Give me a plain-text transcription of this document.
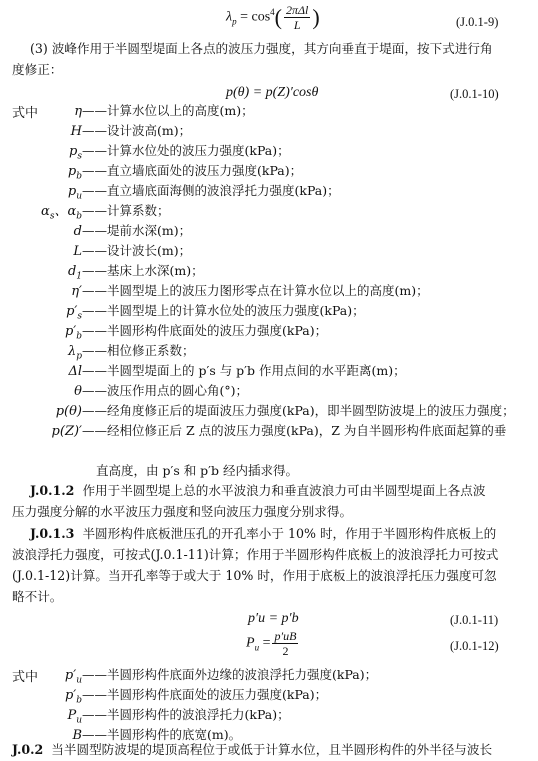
$\lambda_p = \cos^4( \frac{\text{2πΔl}}{L}$ )	(J.0.1-9)
(3) 波峰作用于半圆型堤面上各点的波压力强度，其方向垂直于堤面，按下式进行角
度修正：
p(θ) = p(Z)′cosθ	(J.0.1-10)
式中	η——计算水位以上的高度(m)；
H——设计波高(m)；
$p_s——$计算水位处的波压力强度(kPa)；
$p_b——$直立墙底面处的波压力强度(kPa)；
$p_u——$直立墙底面海侧的波浪浮托力强度(kPa)；
$\alpha_s$、$\alpha_b——$计算系数；
d——堤前水深(m)；
L——设计波长(m)；
$d_1——$基床上水深(m)；
η′——半圆型堤上的波压力图形零点在计算水位以上的高度(m)；
$p'_s——$半圆型堤上的计算水位处的波压力强度(kPa)；
$p'_b——$半圆形构件底面处的波压力强度(kPa)；
$\lambda_p——$相位修正系数；
Δl——半圆型堤面上的 p′s 与 p′b 作用点间的水平距离(m)；
θ——波压作用点的圆心角(°)；
p(θ)——经角度修正后的堤面波压力强度(kPa)，即半圆型防波堤上的波压力强度；
p(Z)′——经相位修正后 Z 点的波压力强度(kPa)，Z 为自半圆形构件底面起算的垂
直高度，由 p′s 和 p′b 经内插求得。
J.0.1.2 作用于半圆型堤上总的水平波浪力和垂直波浪力可由半圆型堤面上各点波
压力强度分解的水平波压力强度和竖向波压力强度分别求得。
J.0.1.3 半圆形构件底板泄压孔的开孔率小于 10% 时，作用于半圆形构件底板上的
波浪浮托力强度，可按式(J.0.1-11)计算；作用于半圆形构件底板上的波浪浮托力可按式
(J.0.1-12)计算。当开孔率等于或大于 10% 时，作用于底板上的波浪浮托压力强度可忽
略不计。
p′u = p′b	(J.0.1-11)
$P_u = \frac{p'uB}{2}$	(J.0.1-12)
式中	$p'_u——$半圆形构件底面外边缘的波浪浮托力强度(kPa)；
$p'_b——$半圆形构件底面处的波压力强度(kPa)；
$P_u——$半圆形构件的波浪浮托力(kPa)；
B——半圆形构件的底宽(m)。
J.0.2 当半圆型防波堤的堤顶高程位于或低于计算水位，且半圆形构件的外半径与波长
